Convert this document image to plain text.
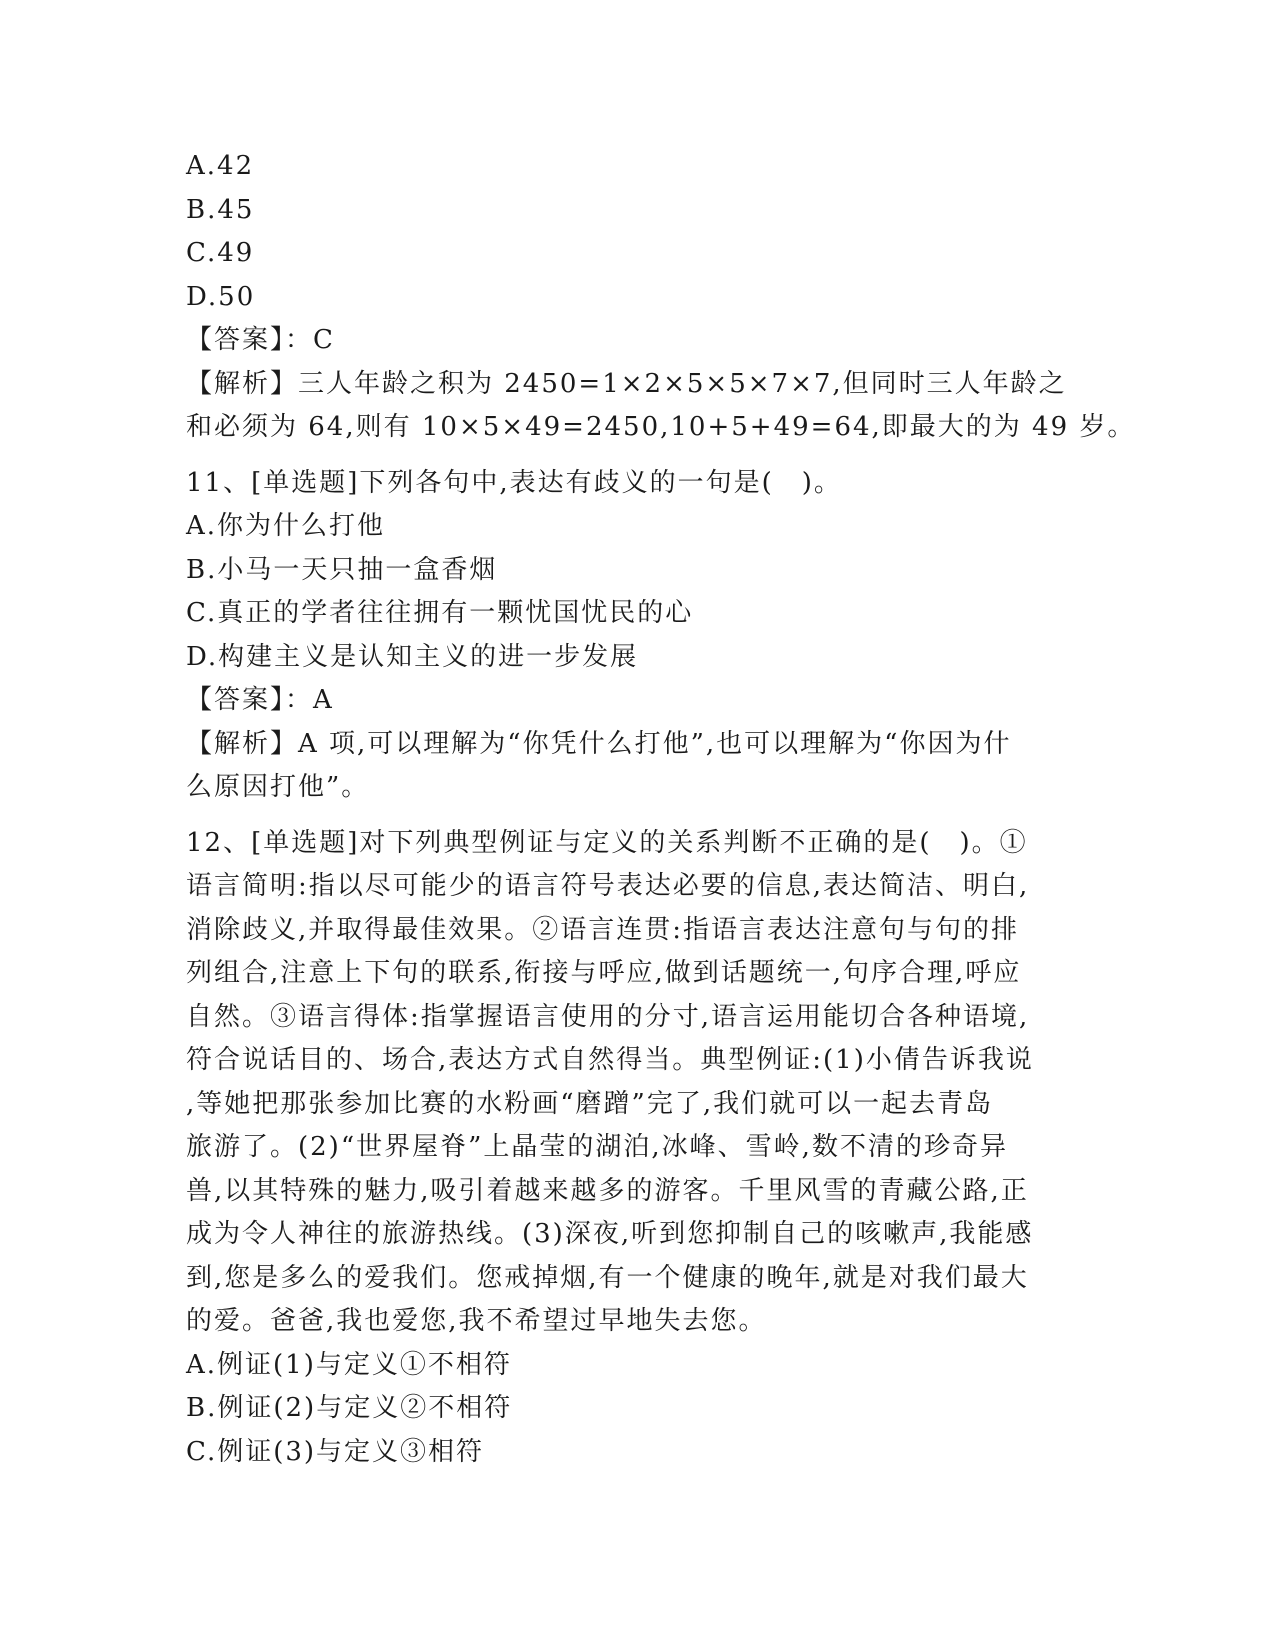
A.42
B.45
C.49
D.50
【答案】：C
【解析】三人年龄之积为 2450=1×2×5×5×7×7,但同时三人年龄之
和必须为 64,则有 10×5×49=2450,10+5+49=64,即最大的为 49 岁。
11、[单选题]下列各句中,表达有歧义的一句是(　)。
A.你为什么打他
B.小马一天只抽一盒香烟
C.真正的学者往往拥有一颗忧国忧民的心
D.构建主义是认知主义的进一步发展
【答案】：A
【解析】A 项,可以理解为“你凭什么打他”,也可以理解为“你因为什
么原因打他”。
12、[单选题]对下列典型例证与定义的关系判断不正确的是(　)。①
语言简明:指以尽可能少的语言符号表达必要的信息,表达简洁、明白,
消除歧义,并取得最佳效果。②语言连贯:指语言表达注意句与句的排
列组合,注意上下句的联系,衔接与呼应,做到话题统一,句序合理,呼应
自然。③语言得体:指掌握语言使用的分寸,语言运用能切合各种语境,
符合说话目的、场合,表达方式自然得当。典型例证:(1)小倩告诉我说
,等她把那张参加比赛的水粉画“磨蹭”完了,我们就可以一起去青岛
旅游了。(2)“世界屋脊”上晶莹的湖泊,冰峰、雪岭,数不清的珍奇异
兽,以其特殊的魅力,吸引着越来越多的游客。千里风雪的青藏公路,正
成为令人神往的旅游热线。(3)深夜,听到您抑制自己的咳嗽声,我能感
到,您是多么的爱我们。您戒掉烟,有一个健康的晚年,就是对我们最大
的爱。爸爸,我也爱您,我不希望过早地失去您。
A.例证(1)与定义①不相符
B.例证(2)与定义②不相符
C.例证(3)与定义③相符
